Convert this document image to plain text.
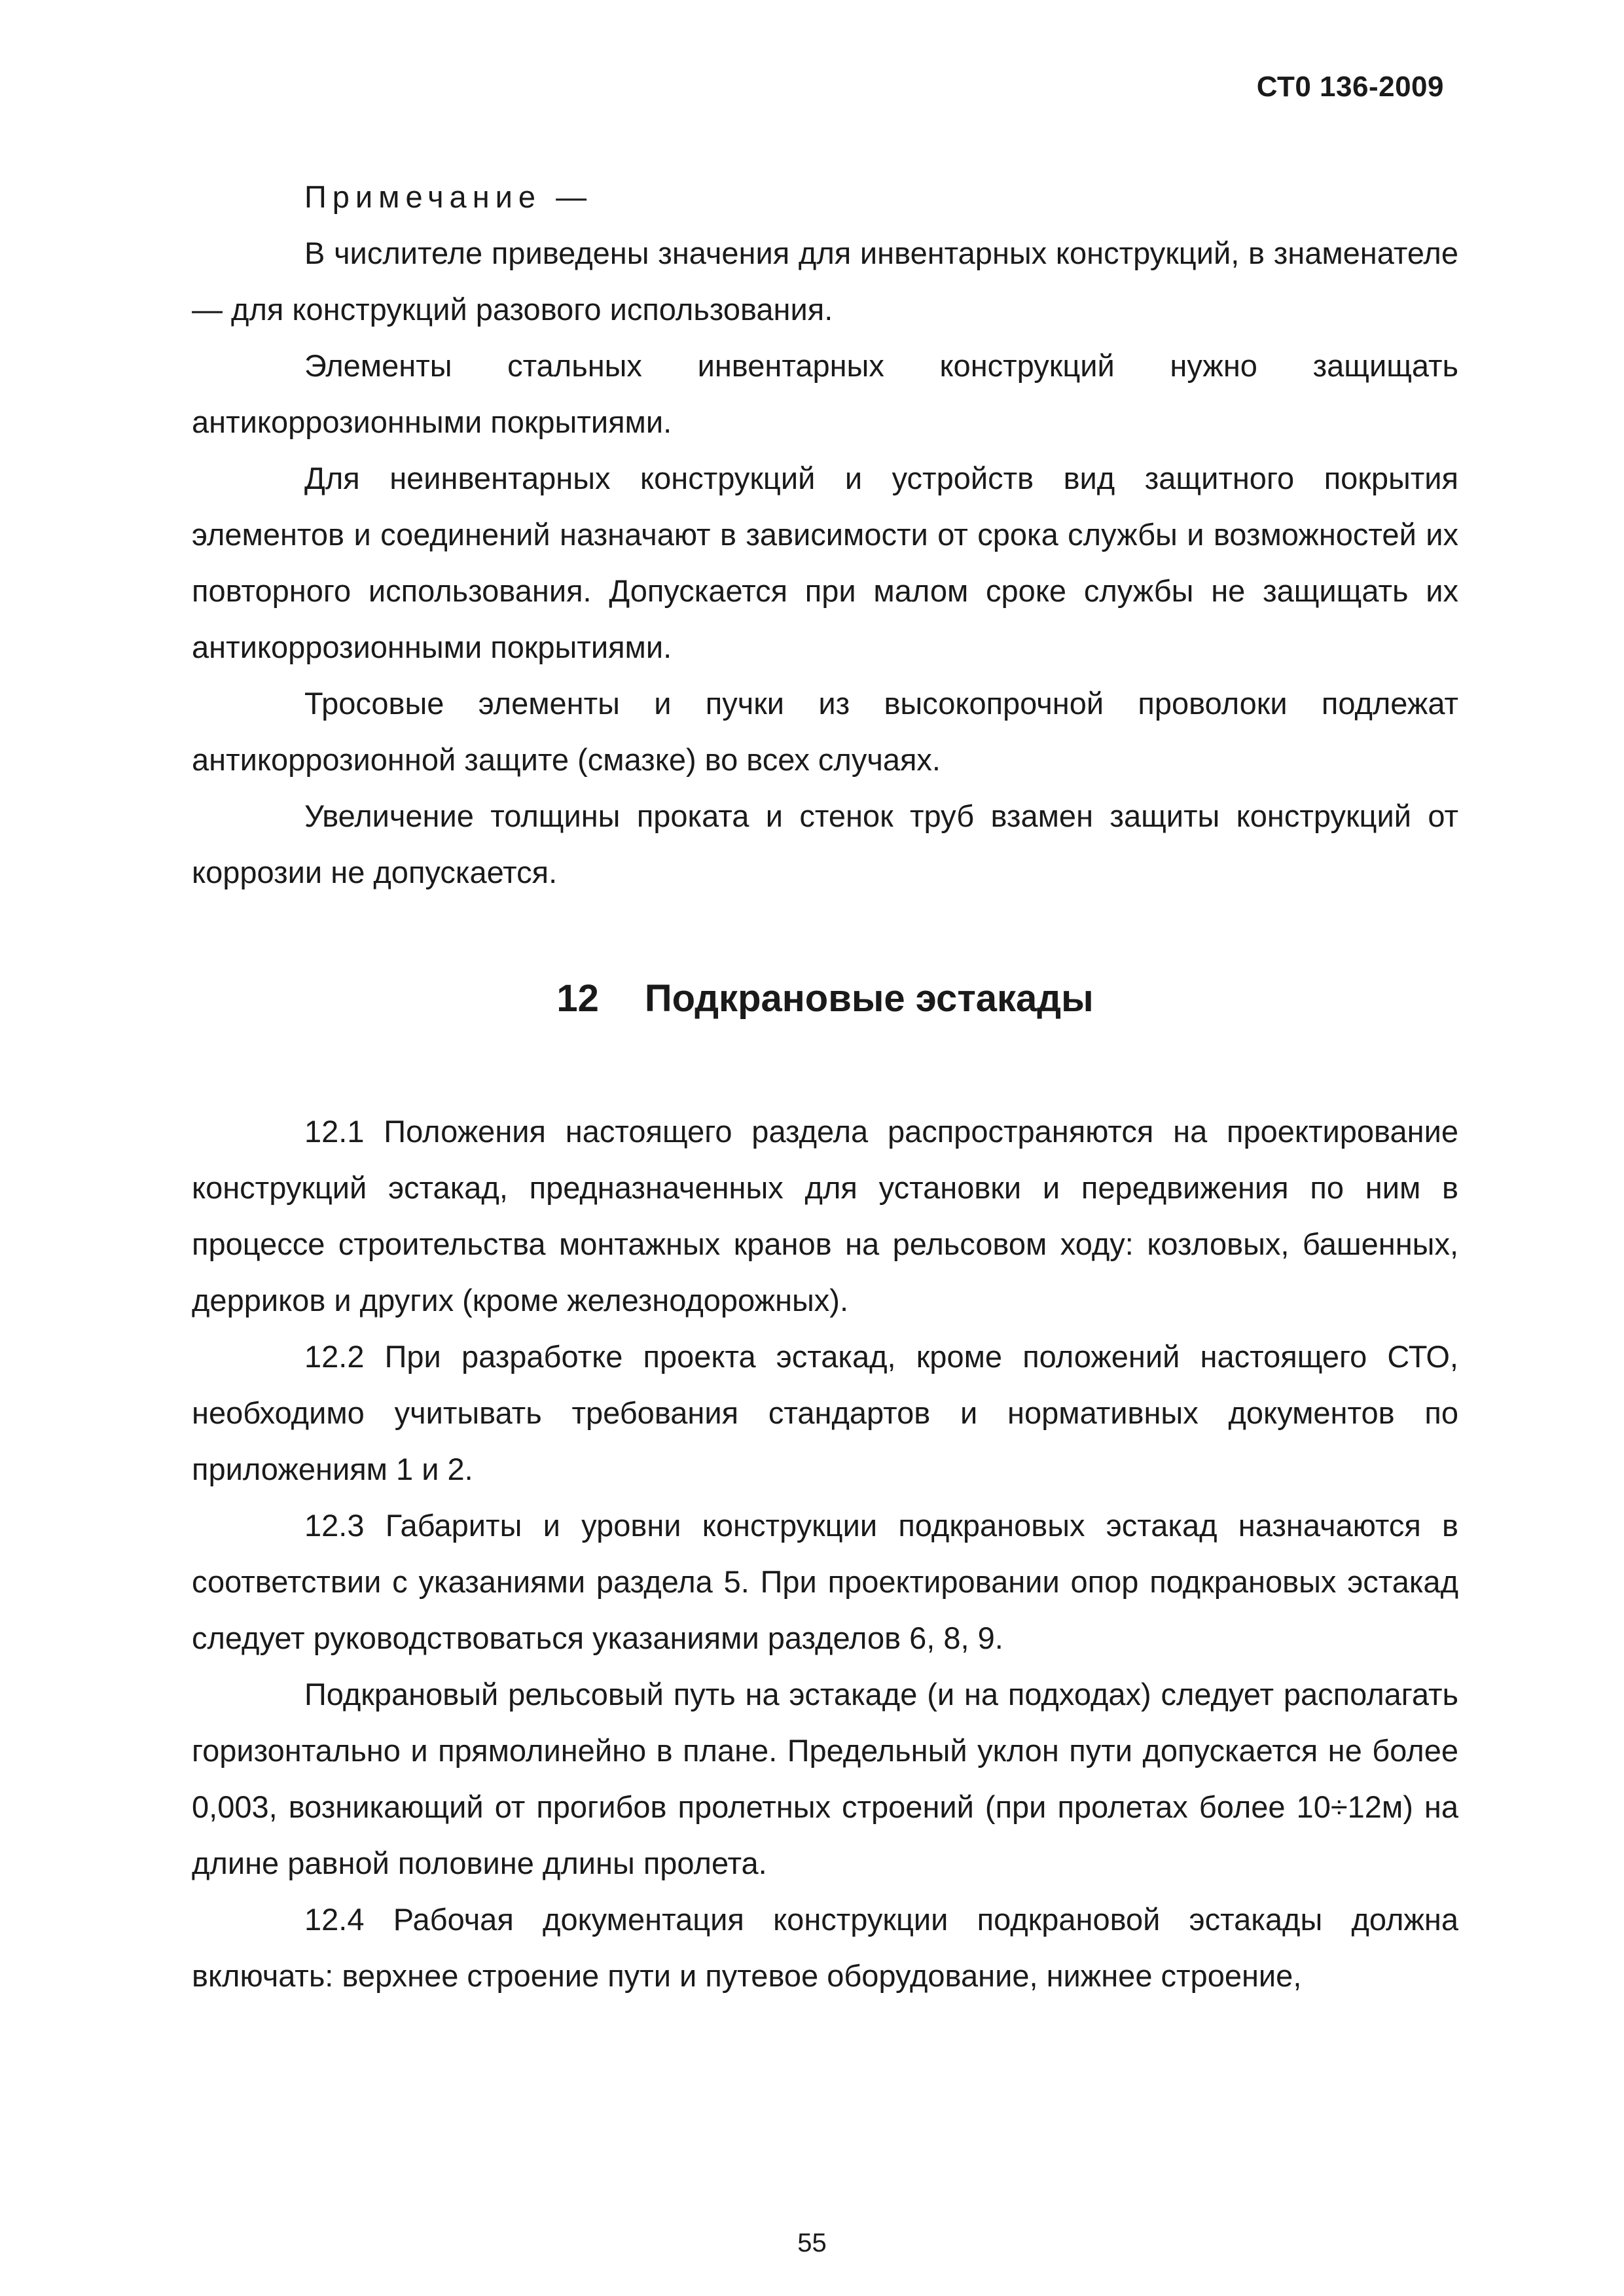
СТ0 136-2009

Примечание —

В числителе приведены значения для инвентарных конструкций, в знаменателе — для конструкций разового использования.

Элементы стальных инвентарных конструкций нужно защищать антикоррозионными покрытиями.

Для неинвентарных конструкций и устройств вид защитного покрытия элементов и соединений назначают в зависимости от срока службы и возможностей их повторного использования. Допускается при малом сроке службы не защищать их антикоррозионными покрытиями.

Тросовые элементы и пучки из высокопрочной проволоки подлежат антикоррозионной защите (смазке) во всех случаях.

Увеличение толщины проката и стенок труб взамен защиты конструкций от коррозии не допускается.

12 Подкрановые эстакады

12.1 Положения настоящего раздела распространяются на проектирование конструкций эстакад, предназначенных для установки и передвижения по ним в процессе строительства монтажных кранов на рельсовом ходу: козловых, башенных, дерриков и других (кроме железнодорожных).

12.2 При разработке проекта эстакад, кроме положений настоящего СТО, необходимо учитывать требования стандартов и нормативных документов по приложениям 1 и 2.

12.3 Габариты и уровни конструкции подкрановых эстакад назначаются в соответствии с указаниями раздела 5. При проектировании опор подкрановых эстакад следует руководствоваться указаниями разделов 6, 8, 9.

Подкрановый рельсовый путь на эстакаде (и на подходах) следует располагать горизонтально и прямолинейно в плане. Предельный уклон пути допускается не более 0,003, возникающий от прогибов пролетных строений (при пролетах более 10÷12м) на длине равной половине длины пролета.

12.4 Рабочая документация конструкции подкрановой эстакады должна включать: верхнее строение пути и путевое оборудование, нижнее строение,

55
